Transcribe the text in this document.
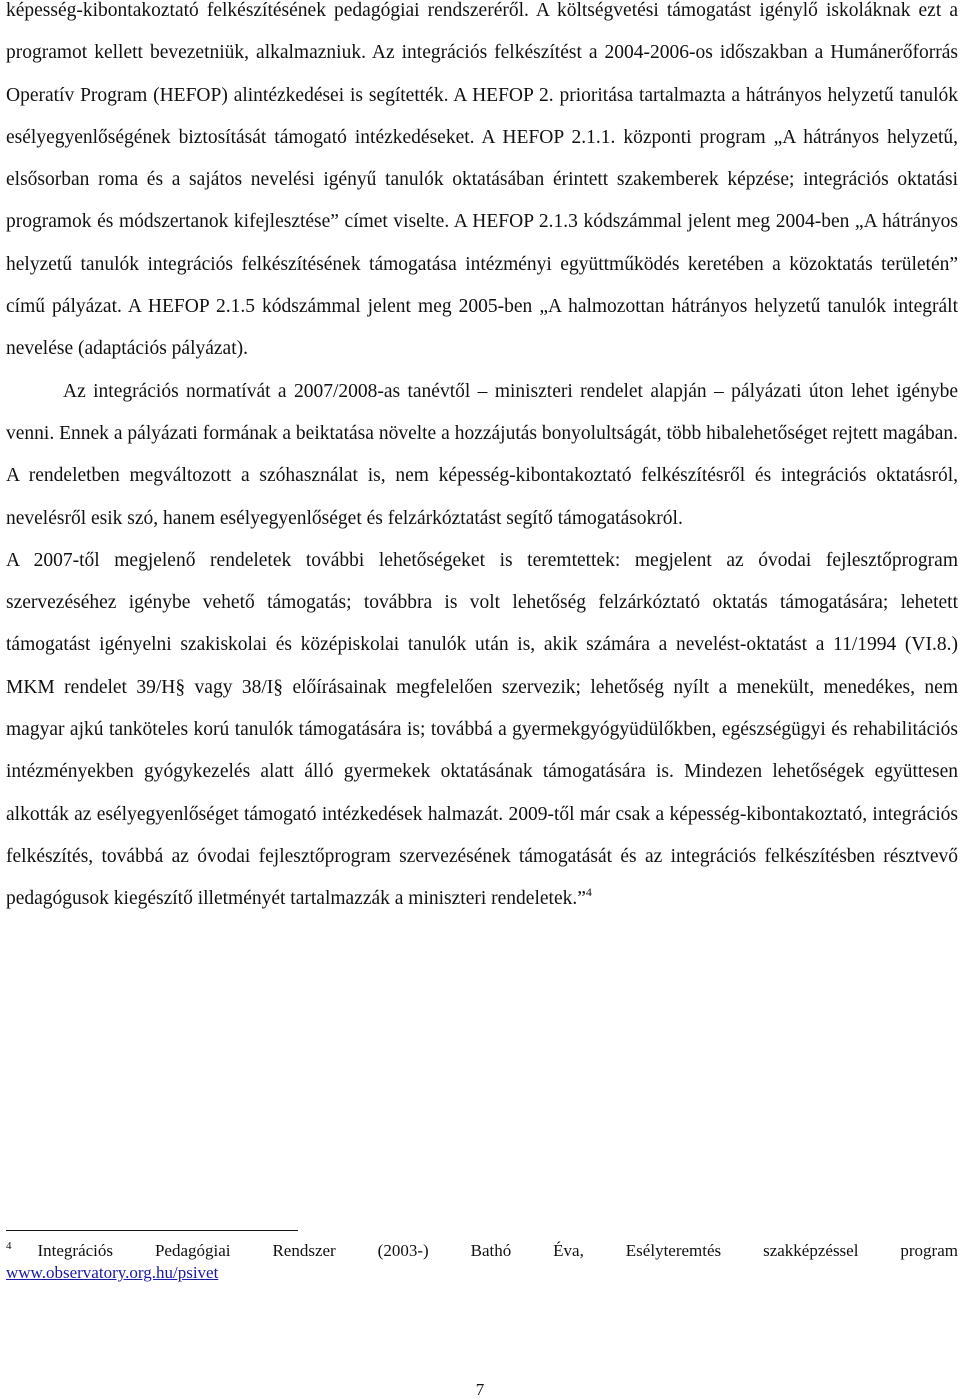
képesség-kibontakoztató felkészítésének pedagógiai rendszeréről. A költségvetési támogatást igénylő iskoláknak ezt a programot kellett bevezetniük, alkalmazniuk. Az integrációs felkészítést a 2004-2006-os időszakban a Humánerőforrás Operatív Program (HEFOP) alintézkedései is segítették. A HEFOP 2. prioritása tartalmazta a hátrányos helyzetű tanulók esélyegyenlőségének biztosítását támogató intézkedéseket. A HEFOP 2.1.1. központi program „A hátrányos helyzetű, elsősorban roma és a sajátos nevelési igényű tanulók oktatásában érintett szakemberek képzése; integrációs oktatási programok és módszertanok kifejlesztése” címet viselte. A HEFOP 2.1.3 kódszámmal jelent meg 2004-ben „A hátrányos helyzetű tanulók integrációs felkészítésének támogatása intézményi együttműködés keretében a közoktatás területén” című pályázat. A HEFOP 2.1.5 kódszámmal jelent meg 2005-ben „A halmozottan hátrányos helyzetű tanulók integrált nevelése (adaptációs pályázat).

Az integrációs normatívát a 2007/2008-as tanévtől – miniszteri rendelet alapján – pályázati úton lehet igénybe venni. Ennek a pályázati formának a beiktatása növelte a hozzájutás bonyolultságát, több hibalehetőséget rejtett magában. A rendeletben megváltozott a szóhasználat is, nem képesség-kibontakoztató felkészítésről és integrációs oktatásról, nevelésről esik szó, hanem esélyegyenlőséget és felzárkóztatást segítő támogatásokról.

A 2007-től megjelenő rendeletek további lehetőségeket is teremtettek: megjelent az óvodai fejlesztőprogram szervezéséhez igénybe vehető támogatás; továbbra is volt lehetőség felzárkóztató oktatás támogatására; lehetett támogatást igényelni szakiskolai és középiskolai tanulók után is, akik számára a nevelést-oktatást a 11/1994 (VI.8.) MKM rendelet 39/H§ vagy 38/I§ előírásainak megfelelően szervezik; lehetőség nyílt a menekült, menedékes, nem magyar ajkú tanköteles korú tanulók támogatására is; továbbá a gyermekgyógyüdülőkben, egészségügyi és rehabilitációs intézményekben gyógykezelés alatt álló gyermekek oktatásának támogatására is. Mindezen lehetőségek együttesen alkották az esélyegyenlőséget támogató intézkedések halmazát. 2009-től már csak a képesség-kibontakoztató, integrációs felkészítés, továbbá az óvodai fejlesztőprogram szervezésének támogatását és az integrációs felkészítésben résztvevő pedagógusok kiegészítő illetményét tartalmazzák a miniszteri rendeletek.”$^4$

$^4$ Integrációs Pedagógiai Rendszer (2003-) Bathó Éva, Esélyteremtés szakképzéssel program
www.observatory.org.hu/psivet
7
